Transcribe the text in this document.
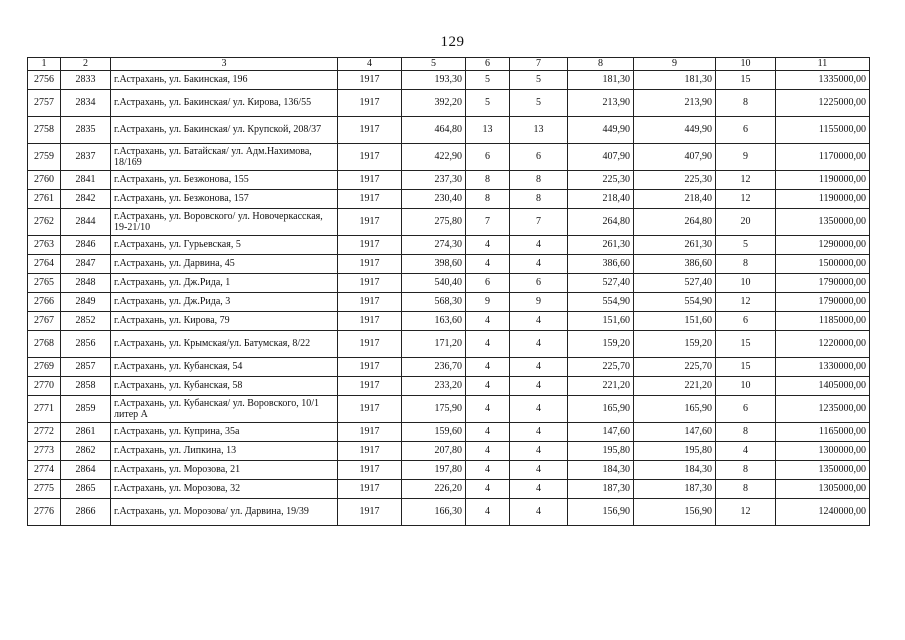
129
1	2	3	4	5	6	7	8	9	10	11
2756	2833	г.Астрахань, ул. Бакинская, 196	1917	193,30	5	5	181,30	181,30	15	1335000,00
2757	2834	г.Астрахань, ул. Бакинская/ ул. Кирова, 136/55	1917	392,20	5	5	213,90	213,90	8	1225000,00
2758	2835	г.Астрахань, ул. Бакинская/ ул. Крупской, 208/37	1917	464,80	13	13	449,90	449,90	6	1155000,00
2759	2837	г.Астрахань, ул. Батайская/ ул. Адм.Нахимова, 18/169	1917	422,90	6	6	407,90	407,90	9	1170000,00
2760	2841	г.Астрахань, ул. Безжонова, 155	1917	237,30	8	8	225,30	225,30	12	1190000,00
2761	2842	г.Астрахань, ул. Безжонова, 157	1917	230,40	8	8	218,40	218,40	12	1190000,00
2762	2844	г.Астрахань, ул. Воровского/ ул. Новочеркасская, 19-21/10	1917	275,80	7	7	264,80	264,80	20	1350000,00
2763	2846	г.Астрахань, ул. Гурьевская, 5	1917	274,30	4	4	261,30	261,30	5	1290000,00
2764	2847	г.Астрахань, ул. Дарвина, 45	1917	398,60	4	4	386,60	386,60	8	1500000,00
2765	2848	г.Астрахань, ул. Дж.Рида, 1	1917	540,40	6	6	527,40	527,40	10	1790000,00
2766	2849	г.Астрахань, ул. Дж.Рида, 3	1917	568,30	9	9	554,90	554,90	12	1790000,00
2767	2852	г.Астрахань, ул. Кирова, 79	1917	163,60	4	4	151,60	151,60	6	1185000,00
2768	2856	г.Астрахань, ул. Крымская/ул. Батумская, 8/22	1917	171,20	4	4	159,20	159,20	15	1220000,00
2769	2857	г.Астрахань, ул. Кубанская, 54	1917	236,70	4	4	225,70	225,70	15	1330000,00
2770	2858	г.Астрахань, ул. Кубанская, 58	1917	233,20	4	4	221,20	221,20	10	1405000,00
2771	2859	г.Астрахань, ул. Кубанская/ ул. Воровского, 10/1 литер А	1917	175,90	4	4	165,90	165,90	6	1235000,00
2772	2861	г.Астрахань, ул. Куприна, 35а	1917	159,60	4	4	147,60	147,60	8	1165000,00
2773	2862	г.Астрахань, ул. Липкина, 13	1917	207,80	4	4	195,80	195,80	4	1300000,00
2774	2864	г.Астрахань, ул. Морозова, 21	1917	197,80	4	4	184,30	184,30	8	1350000,00
2775	2865	г.Астрахань, ул. Морозова, 32	1917	226,20	4	4	187,30	187,30	8	1305000,00
2776	2866	г.Астрахань, ул. Морозова/ ул. Дарвина, 19/39	1917	166,30	4	4	156,90	156,90	12	1240000,00
